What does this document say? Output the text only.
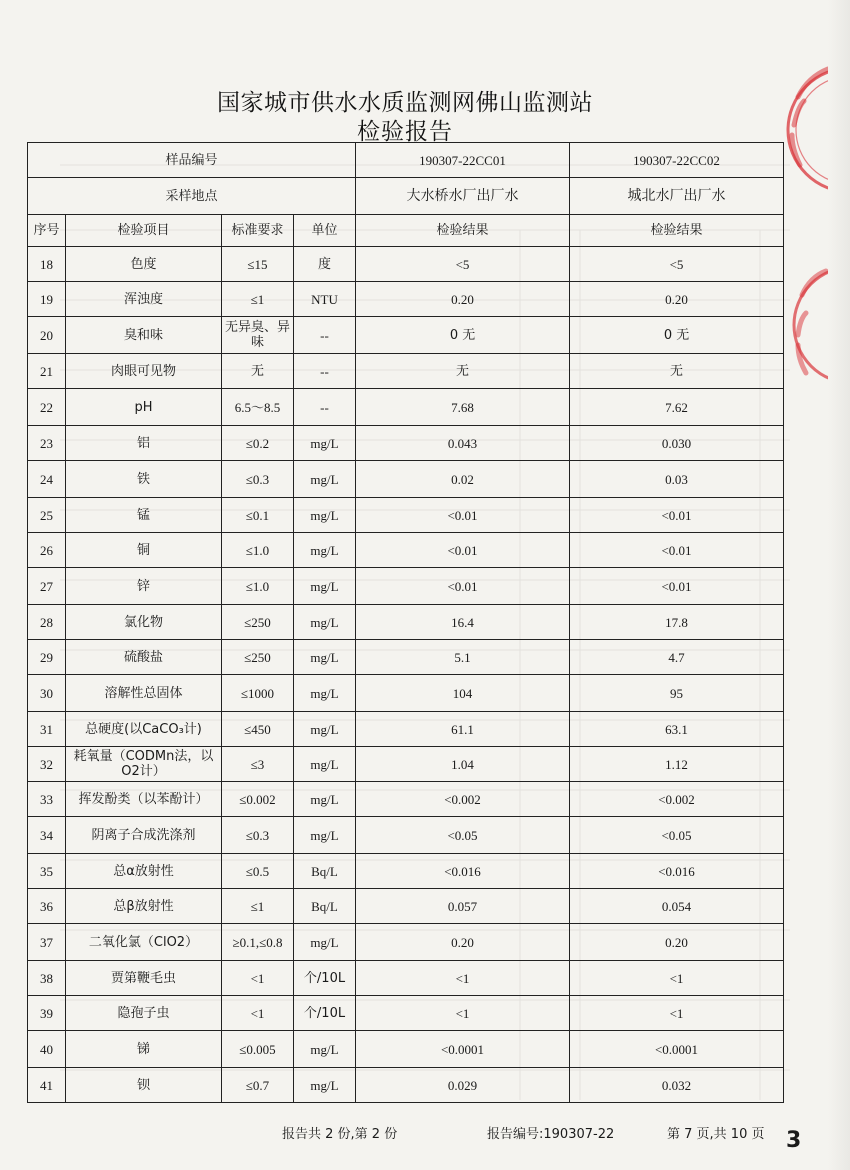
国家城市供水水质监测网佛山监测站
检验报告
样品编号				190307-22CC01	190307-22CC02
采样地点				大水桥水厂出厂水	城北水厂出厂水
序号	检验项目	标准要求	单位	检验结果	检验结果
18	色度	≤15	度	<5	<5
19	浑浊度	≤1	NTU	0.20	0.20
20	臭和味	无异臭、异味	--	0 无	0 无
21	肉眼可见物	无	--	无	无
22	pH	6.5～8.5	--	7.68	7.62
23	铝	≤0.2	mg/L	0.043	0.030
24	铁	≤0.3	mg/L	0.02	0.03
25	锰	≤0.1	mg/L	<0.01	<0.01
26	铜	≤1.0	mg/L	<0.01	<0.01
27	锌	≤1.0	mg/L	<0.01	<0.01
28	氯化物	≤250	mg/L	16.4	17.8
29	硫酸盐	≤250	mg/L	5.1	4.7
30	溶解性总固体	≤1000	mg/L	104	95
31	总硬度(以CaCO₃计)	≤450	mg/L	61.1	63.1
32	耗氧量（CODMn法，以O2计）	≤3	mg/L	1.04	1.12
33	挥发酚类（以苯酚计）	≤0.002	mg/L	<0.002	<0.002
34	阴离子合成洗涤剂	≤0.3	mg/L	<0.05	<0.05
35	总α放射性	≤0.5	Bq/L	<0.016	<0.016
36	总β放射性	≤1	Bq/L	0.057	0.054
37	二氧化氯（ClO2）	≥0.1,≤0.8	mg/L	0.20	0.20
38	贾第鞭毛虫	<1	个/10L	<1	<1
39	隐孢子虫	<1	个/10L	<1	<1
40	锑	≤0.005	mg/L	<0.0001	<0.0001
41	钡	≤0.7	mg/L	0.029	0.032
报告共 2 份,第 2 份	报告编号:190307-22	第 7 页,共 10 页 3
